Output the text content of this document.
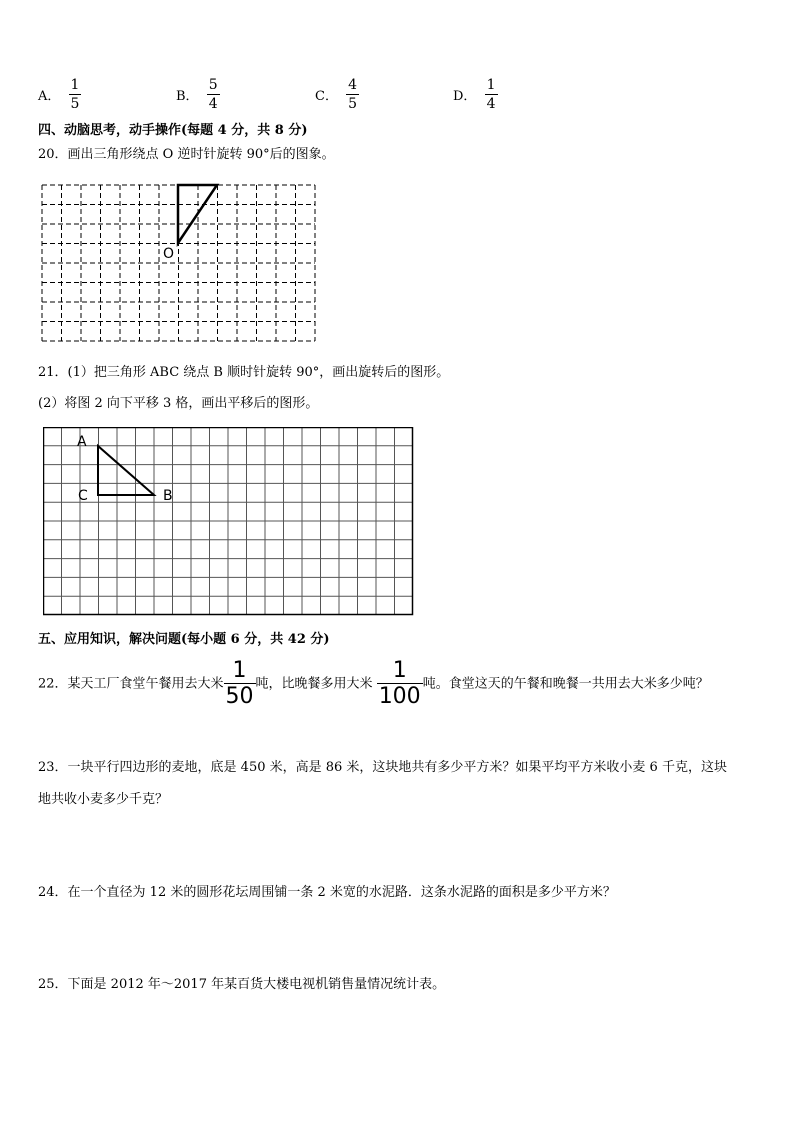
A． $\frac{1}{5}$	B． $\frac{5}{4}$	C． $\frac{4}{5}$	D． $\frac{1}{4}$
四、动脑思考，动手操作(每题 4 分，共 8 分)
20．画出三角形绕点 O 逆时针旋转 90°后的图象。
O
21．(1）把三角形 ABC 绕点 B 顺时针旋转 90°，画出旋转后的图形。
(2）将图 2 向下平移 3 格，画出平移后的图形。
A
C	B
五、应用知识，解决问题(每小题 6 分，共 42 分)
22．某天工厂食堂午餐用去大米 $\frac{1}{50}$ 吨，比晚餐多用大米 $\frac{1}{100}$ 吨。食堂这天的午餐和晚餐一共用去大米多少吨？
23．一块平行四边形的麦地，底是 450 米，高是 86 米，这块地共有多少平方米？如果平均平方米收小麦 6 千克，这块
地共收小麦多少千克？
24．在一个直径为 12 米的圆形花坛周围铺一条 2 米宽的水泥路．这条水泥路的面积是多少平方米？
25．下面是 2012 年～2017 年某百货大楼电视机销售量情况统计表。
